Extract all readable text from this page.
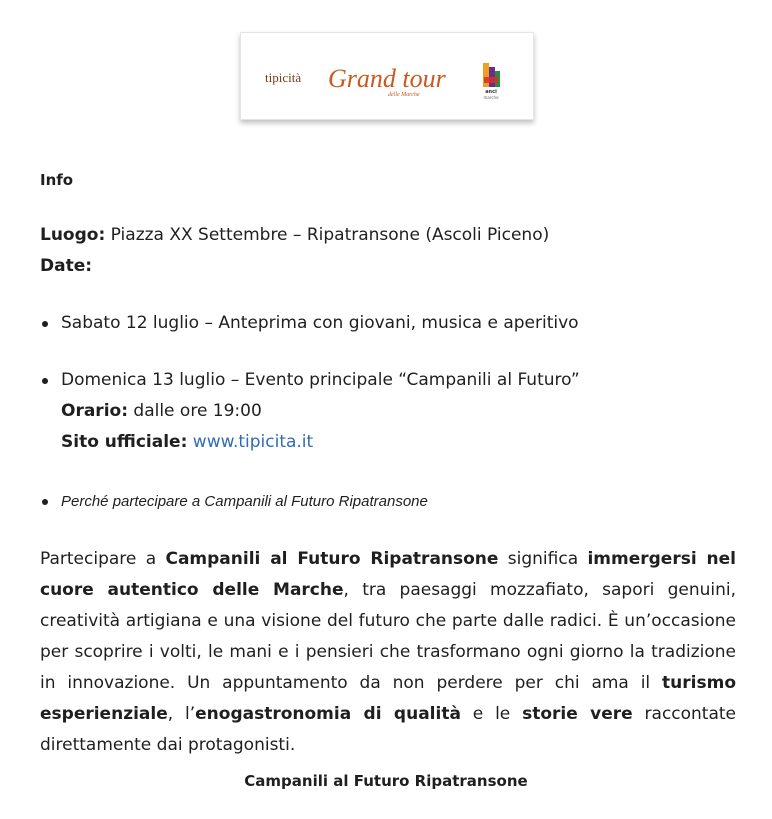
tipicità Grand tour
delle Marche	anci
marche
Info
Luogo: Piazza XX Settembre – Ripatransone (Ascoli Piceno)
Date:
Sabato 12 luglio – Anteprima con giovani, musica e aperitivo
Domenica 13 luglio – Evento principale “Campanili al Futuro”
Orario: dalle ore 19:00
Sito ufficiale: www.tipicita.it
Perché partecipare a Campanili al Futuro Ripatransone

Partecipare a Campanili al Futuro Ripatransone significa immergersi nel cuore autentico delle Marche, tra paesaggi mozzafiato, sapori genuini, creatività artigiana e una visione del futuro che parte dalle radici. È un’occasione per scoprire i volti, le mani e i pensieri che trasformano ogni giorno la tradizione in innovazione. Un appuntamento da non perdere per chi ama il turismo esperienziale, l’enogastronomia di qualità e le storie vere raccontate direttamente dai protagonisti.

Campanili al Futuro Ripatransone
